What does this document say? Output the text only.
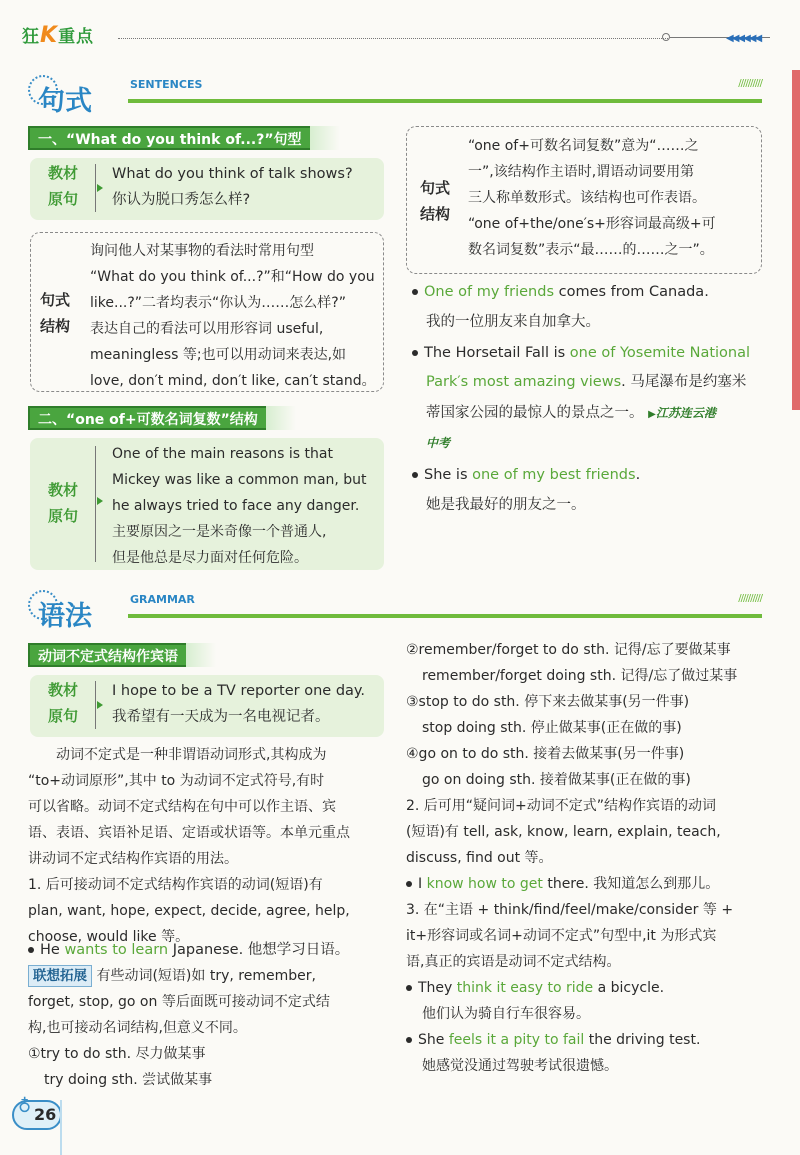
狂K重点	◀◀◀◀◀◀
句式
SENTENCES	//////////
一、“What do you think of...?”句型
教材
原句
What do you think of talk shows?
你认为脱口秀怎么样?
句式
结构
询问他人对某事物的看法时常用句型
“What do you think of...?”和“How do you
like...?”二者均表示“你认为……怎么样?”
表达自己的看法可以用形容词 useful,
meaningless 等;也可以用动词来表达,如
love, don′t mind, don′t like, can′t stand。
二、“one of+可数名词复数”结构
教材
原句
One of the main reasons is that
Mickey was like a common man, but
he always tried to face any danger.
主要原因之一是米奇像一个普通人,
但是他总是尽力面对任何危险。
句式
结构
“one of+可数名词复数”意为“……之
一”,该结构作主语时,谓语动词要用第
三人称单数形式。该结构也可作表语。
“one of+the/one′s+形容词最高级+可
数名词复数”表示“最……的……之一”。
One of my friends comes from Canada.
我的一位朋友来自加拿大。
The Horsetail Fall is one of Yosemite National
Park′s most amazing views. 马尾瀑布是约塞米
蒂国家公园的最惊人的景点之一。 ▶江苏连云港
中考
She is one of my best friends.
她是我最好的朋友之一。
语法
GRAMMAR	//////////
动词不定式结构作宾语
教材
原句
I hope to be a TV reporter one day.
我希望有一天成为一名电视记者。
动词不定式是一种非谓语动词形式,其构成为
“to+动词原形”,其中 to 为动词不定式符号,有时
可以省略。动词不定式结构在句中可以作主语、宾
语、表语、宾语补足语、定语或状语等。本单元重点
讲动词不定式结构作宾语的用法。
1. 后可接动词不定式结构作宾语的动词(短语)有
plan, want, hope, expect, decide, agree, help,
choose, would like 等。
He wants to learn Japanese. 他想学习日语。
联想拓展 有些动词(短语)如 try, remember,
forget, stop, go on 等后面既可接动词不定式结
构,也可接动名词结构,但意义不同。
①try to do sth. 尽力做某事
try doing sth. 尝试做某事
②remember/forget to do sth. 记得/忘了要做某事
remember/forget doing sth. 记得/忘了做过某事
③stop to do sth. 停下来去做某事(另一件事)
stop doing sth. 停止做某事(正在做的事)
④go on to do sth. 接着去做某事(另一件事)
go on doing sth. 接着做某事(正在做的事)
2. 后可用“疑问词+动词不定式”结构作宾语的动词
(短语)有 tell, ask, know, learn, explain, teach,
discuss, find out 等。
I know how to get there. 我知道怎么到那儿。
3. 在“主语 + think/find/feel/make/consider 等 +
it+形容词或名词+动词不定式”句型中,it 为形式宾
语,真正的宾语是动词不定式结构。
They think it easy to ride a bicycle.
他们认为骑自行车很容易。
She feels it a pity to fail the driving test.
她感觉没通过驾驶考试很遗憾。
♁ 26
